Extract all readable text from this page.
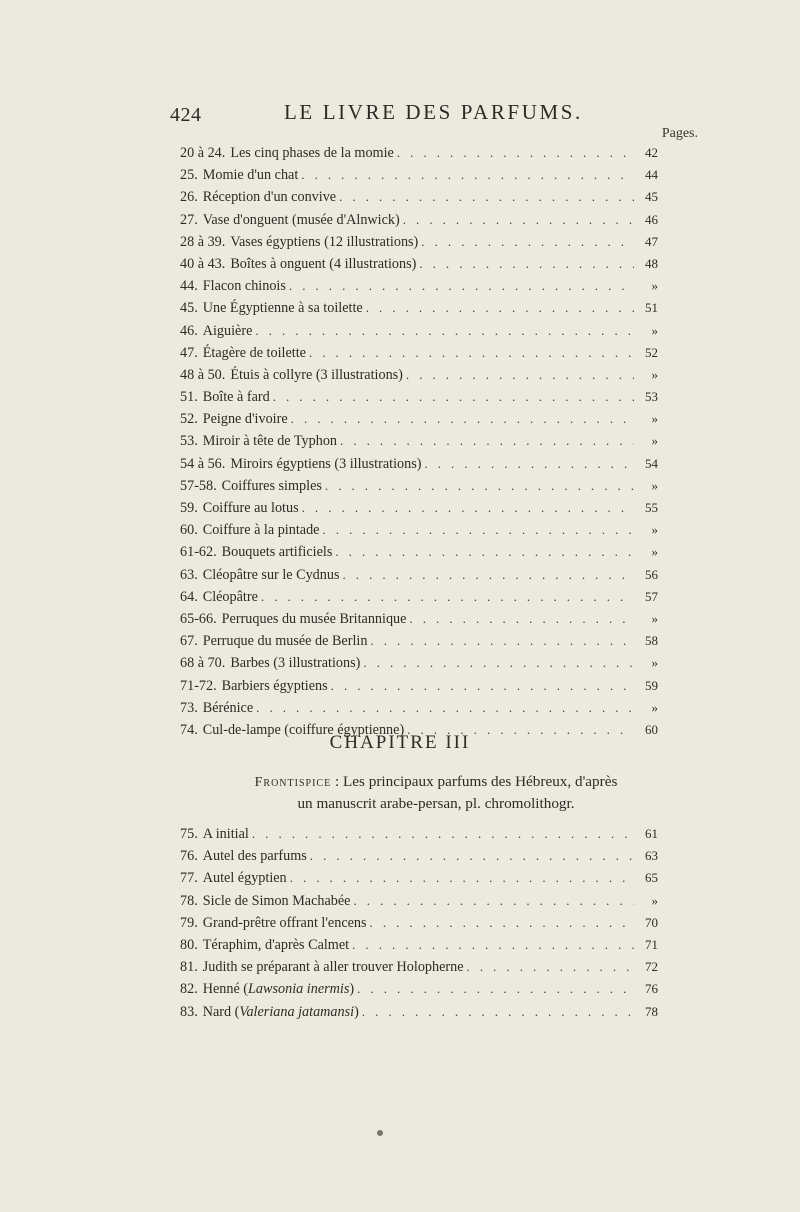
424	LE LIVRE DES PARFUMS.
Pages.
20 à 24. Les cinq phases de la momie . . .	42
25. Momie d'un chat . . .	44
26. Réception d'un convive . . .	45
27. Vase d'onguent (musée d'Alnwick) . . .	46
28 à 39. Vases égyptiens (12 illustrations) . . .	47
40 à 43. Boîtes à onguent (4 illustrations) . . .	48
44. Flacon chinois . . .	»
45. Une Égyptienne à sa toilette . . .	51
46. Aiguière . . .	»
47. Étagère de toilette . . .	52
48 à 50. Étuis à collyre (3 illustrations) . . .	»
51. Boîte à fard . . .	53
52. Peigne d'ivoire . . .	»
53. Miroir à tête de Typhon . . .	»
54 à 56. Miroirs égyptiens (3 illustrations) . . .	54
57-58. Coiffures simples . . .	»
59. Coiffure au lotus . . .	55
60. Coiffure à la pintade . . .	»
61-62. Bouquets artificiels . . .	»
63. Cléopâtre sur le Cydnus . . .	56
64. Cléopâtre . . .	57
65-66. Perruques du musée Britannique . . .	»
67. Perruque du musée de Berlin . . .	58
68 à 70. Barbes (3 illustrations) . . .	»
71-72. Barbiers égyptiens . . .	59
73. Bérénice . . .	»
74. Cul-de-lampe (coiffure égyptienne) . . .	60
CHAPITRE III
Frontispice : Les principaux parfums des Hébreux, d'après
un manuscrit arabe-persan, pl. chromolithogr.
75. A initial . . .	61
76. Autel des parfums . . .	63
77. Autel égyptien . . .	65
78. Sicle de Simon Machabée . . .	»
79. Grand-prêtre offrant l'encens . . .	70
80. Téraphim, d'après Calmet . . .	71
81. Judith se préparant à aller trouver Holopherne . . .	72
82. Henné (Lawsonia inermis) . . .	76
83. Nard (Valeriana jatamansi) . . .	78
